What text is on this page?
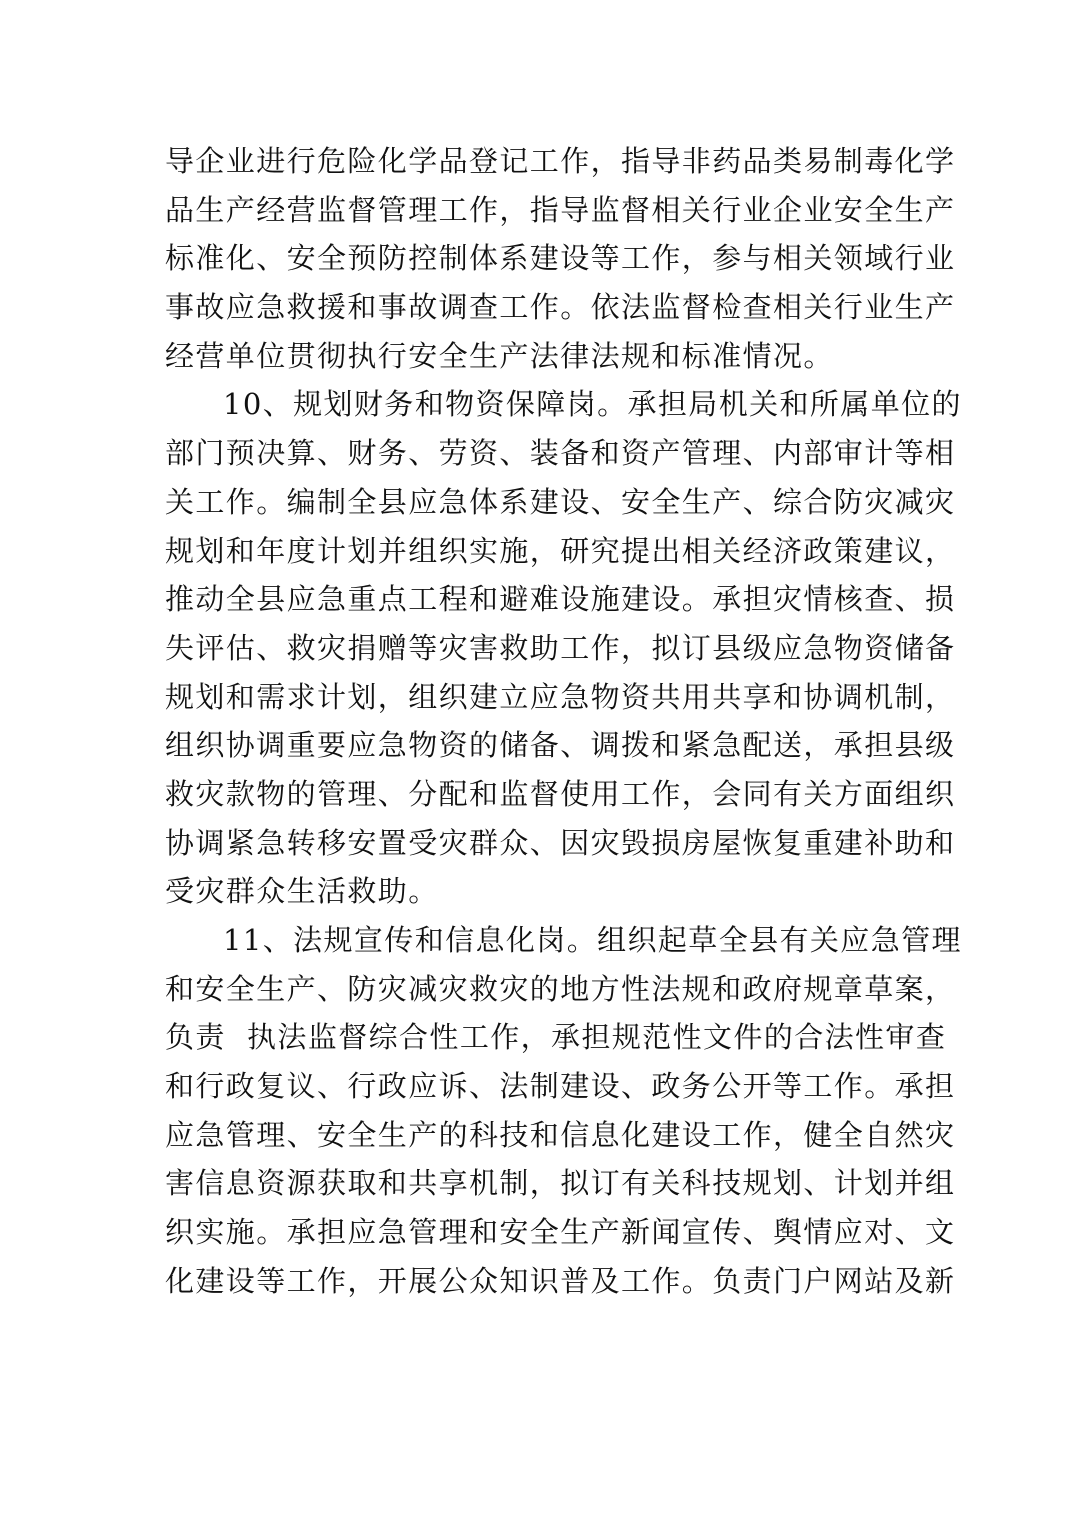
导企业进行危险化学品登记工作，指导非药品类易制毒化学
品生产经营监督管理工作，指导监督相关行业企业安全生产
标准化、安全预防控制体系建设等工作，参与相关领域行业
事故应急救援和事故调查工作。依法监督检查相关行业生产
经营单位贯彻执行安全生产法律法规和标准情况。
10、规划财务和物资保障岗。承担局机关和所属单位的
部门预决算、财务、劳资、装备和资产管理、内部审计等相
关工作。编制全县应急体系建设、安全生产、综合防灾减灾
规划和年度计划并组织实施，研究提出相关经济政策建议，
推动全县应急重点工程和避难设施建设。承担灾情核查、损
失评估、救灾捐赠等灾害救助工作，拟订县级应急物资储备
规划和需求计划，组织建立应急物资共用共享和协调机制，
组织协调重要应急物资的储备、调拨和紧急配送，承担县级
救灾款物的管理、分配和监督使用工作，会同有关方面组织
协调紧急转移安置受灾群众、因灾毁损房屋恢复重建补助和
受灾群众生活救助。
11、法规宣传和信息化岗。组织起草全县有关应急管理
和安全生产、防灾减灾救灾的地方性法规和政府规章草案，
负责  执法监督综合性工作，承担规范性文件的合法性审查
和行政复议、行政应诉、法制建设、政务公开等工作。承担
应急管理、安全生产的科技和信息化建设工作，健全自然灾
害信息资源获取和共享机制，拟订有关科技规划、计划并组
织实施。承担应急管理和安全生产新闻宣传、舆情应对、文
化建设等工作，开展公众知识普及工作。负责门户网站及新
